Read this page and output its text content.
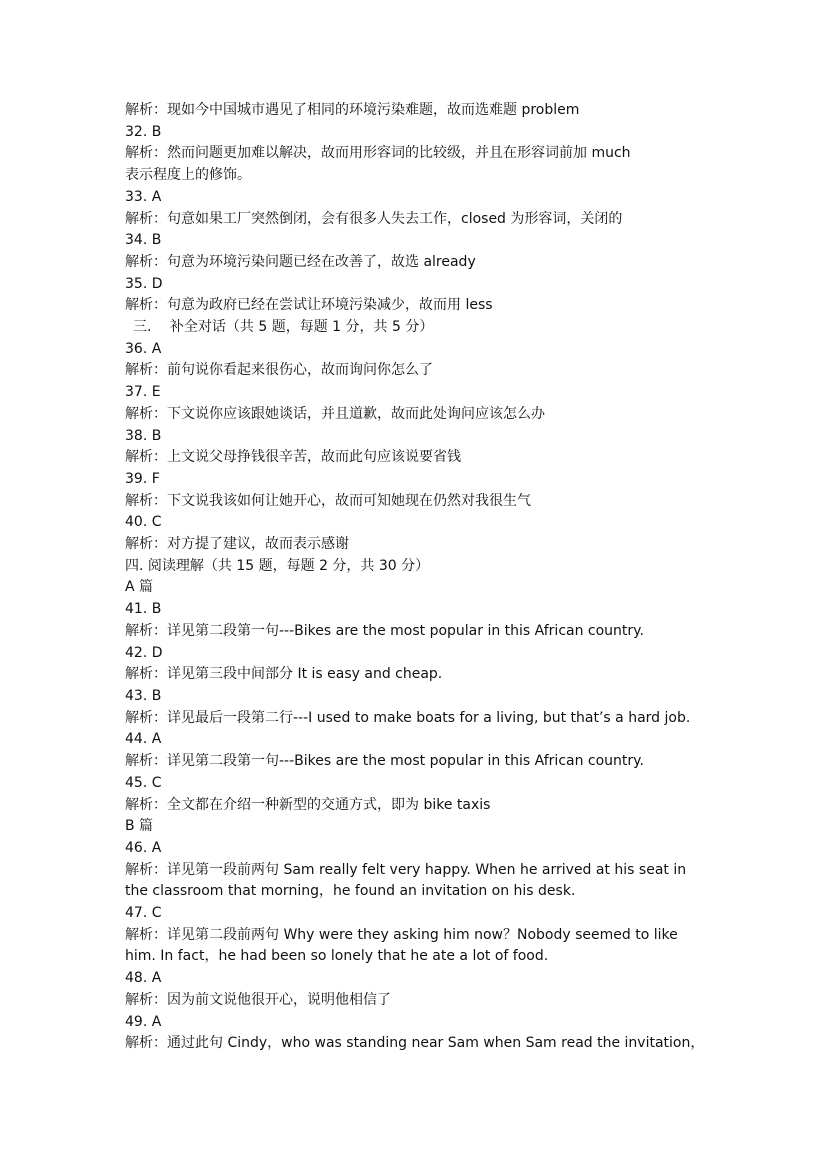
解析：现如今中国城市遇见了相同的环境污染难题，故而选难题 problem
32. B
解析：然而问题更加难以解决，故而用形容词的比较级，并且在形容词前加 much
表示程度上的修饰。
33. A
解析：句意如果工厂突然倒闭，会有很多人失去工作，closed 为形容词，关闭的
34. B
解析：句意为环境污染问题已经在改善了，故选 already
35. D
解析：句意为政府已经在尝试让环境污染减少，故而用 less
三.　 补全对话（共 5 题，每题 1 分，共 5 分）
36. A
解析：前句说你看起来很伤心，故而询问你怎么了
37. E
解析：下文说你应该跟她谈话，并且道歉，故而此处询问应该怎么办
38. B
解析：上文说父母挣钱很辛苦，故而此句应该说要省钱
39. F
解析：下文说我该如何让她开心，故而可知她现在仍然对我很生气
40. C
解析：对方提了建议，故而表示感谢
四. 阅读理解（共 15 题，每题 2 分，共 30 分）
A 篇
41. B
解析：详见第二段第一句---Bikes are the most popular in this African country.
42. D
解析：详见第三段中间部分 It is easy and cheap.
43. B
解析：详见最后一段第二行---I used to make boats for a living, but that’s a hard job.
44. A
解析：详见第二段第一句---Bikes are the most popular in this African country.
45. C
解析：全文都在介绍一种新型的交通方式，即为 bike taxis
B 篇
46. A
解析：详见第一段前两句 Sam really felt very happy. When he arrived at his seat in
the classroom that morning，he found an invitation on his desk.
47. C
解析：详见第二段前两句 Why were they asking him now？Nobody seemed to like
him. In fact，he had been so lonely that he ate a lot of food.
48. A
解析：因为前文说他很开心，说明他相信了
49. A
解析：通过此句 Cindy，who was standing near Sam when Sam read the invitation，
